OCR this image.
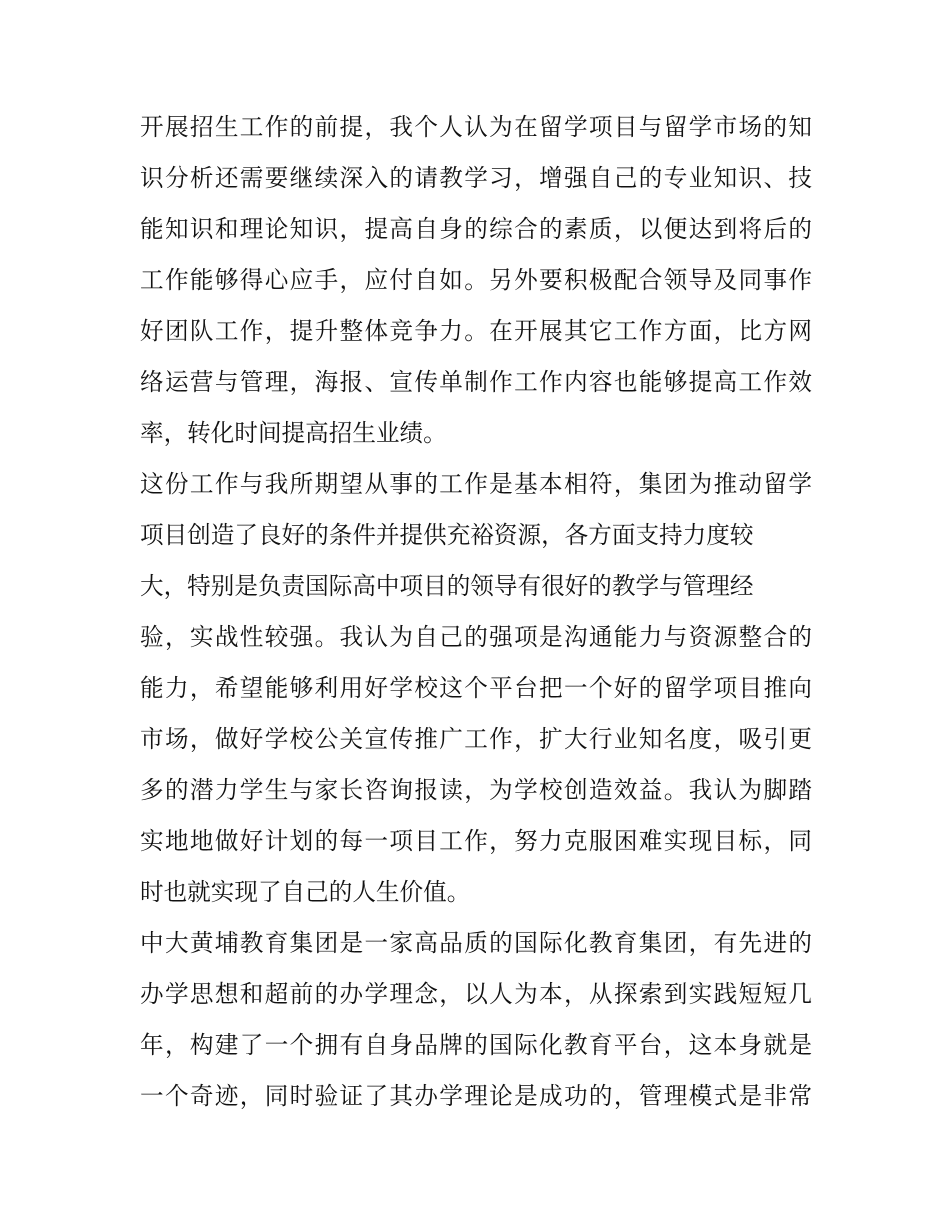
开展招生工作的前提，我个人认为在留学项目与留学市场的知
识分析还需要继续深入的请教学习，增强自己的专业知识、技
能知识和理论知识，提高自身的综合的素质，以便达到将后的
工作能够得心应手，应付自如。另外要积极配合领导及同事作
好团队工作，提升整体竞争力。在开展其它工作方面，比方网
络运营与管理，海报、宣传单制作工作内容也能够提高工作效
率，转化时间提高招生业绩。
这份工作与我所期望从事的工作是基本相符，集团为推动留学
项目创造了良好的条件并提供充裕资源，各方面支持力度较
大，特别是负责国际高中项目的领导有很好的教学与管理经
验，实战性较强。我认为自己的强项是沟通能力与资源整合的
能力，希望能够利用好学校这个平台把一个好的留学项目推向
市场，做好学校公关宣传推广工作，扩大行业知名度，吸引更
多的潜力学生与家长咨询报读，为学校创造效益。我认为脚踏
实地地做好计划的每一项目工作，努力克服困难实现目标，同
时也就实现了自己的人生价值。
中大黄埔教育集团是一家高品质的国际化教育集团，有先进的
办学思想和超前的办学理念，以人为本，从探索到实践短短几
年，构建了一个拥有自身品牌的国际化教育平台，这本身就是
一个奇迹，同时验证了其办学理论是成功的，管理模式是非常
